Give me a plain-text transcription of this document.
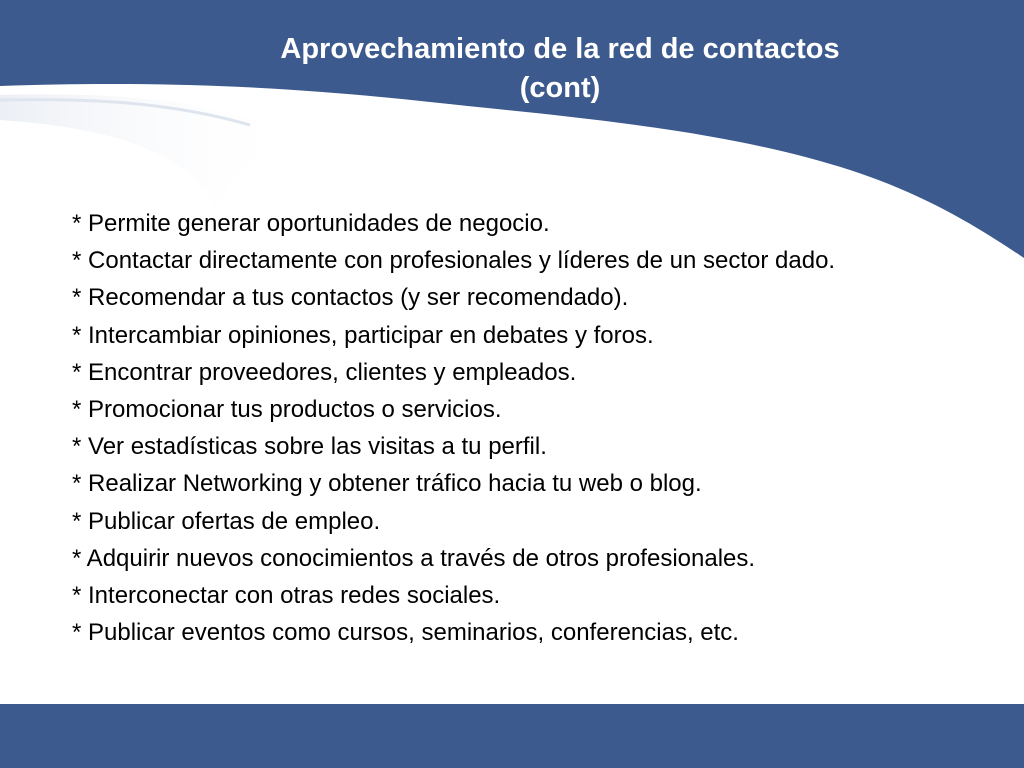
Aprovechamiento de la red de contactos
(cont)
* Permite generar oportunidades de negocio.
* Contactar directamente con profesionales y líderes de un sector dado.
* Recomendar a tus contactos (y ser recomendado).
* Intercambiar opiniones, participar en debates y foros.
* Encontrar proveedores, clientes y empleados.
* Promocionar tus productos o servicios.
* Ver estadísticas sobre las visitas a tu perfil.
* Realizar Networking y obtener tráfico hacia tu web o blog.
* Publicar ofertas de empleo.
* Adquirir nuevos conocimientos a través de otros profesionales.
* Interconectar con otras redes sociales.
* Publicar eventos como cursos, seminarios, conferencias, etc.
